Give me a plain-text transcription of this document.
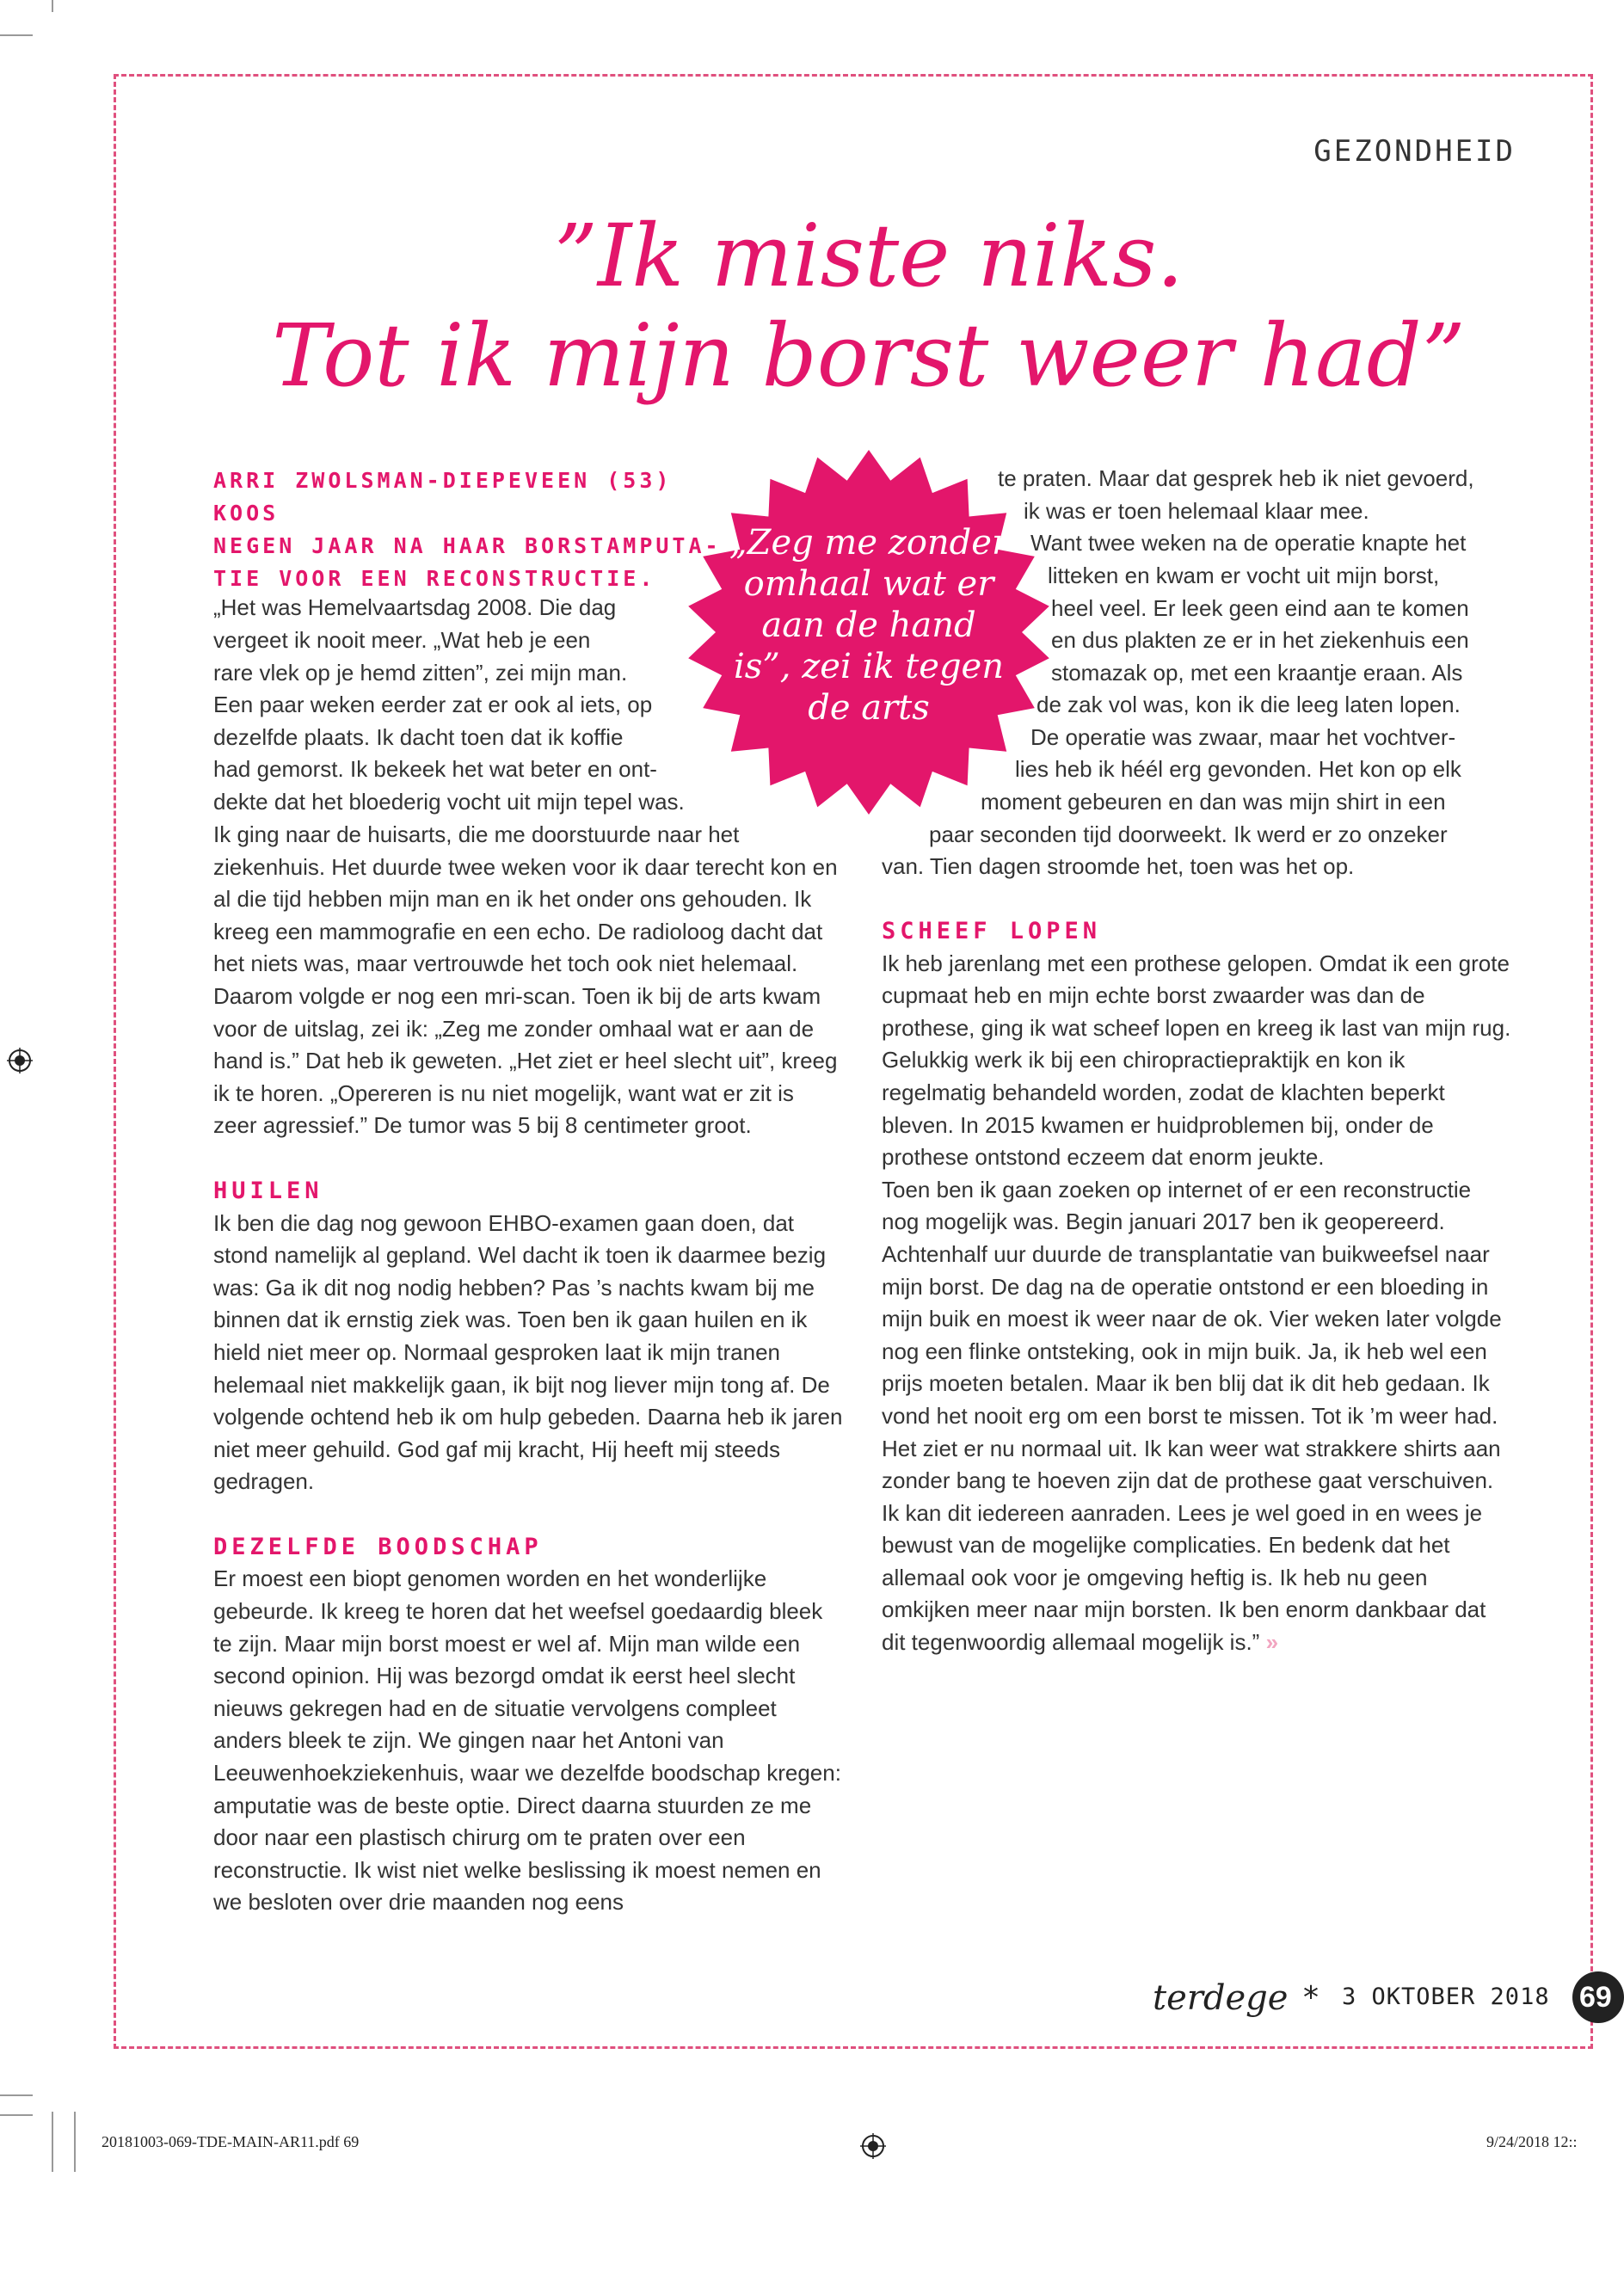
GEZONDHEID
”Ik miste niks.
Tot ik mijn borst weer had”
ARRI ZWOLSMAN-DIEPEVEEN (53) KOOS
NEGEN JAAR NA HAAR BORSTAMPUTA-
TIE VOOR EEN RECONSTRUCTIE.
„Zeg me zonder
omhaal wat er
aan de hand
is”, zei ik tegen
de arts
„Het was Hemelvaartsdag 2008. Die dag
vergeet ik nooit meer. „Wat heb je een
rare vlek op je hemd zitten”, zei mijn man.
Een paar weken eerder zat er ook al iets, op
dezelfde plaats. Ik dacht toen dat ik koffie
had gemorst. Ik bekeek het wat beter en ont-
dekte dat het bloederig vocht uit mijn tepel was.

Ik ging naar de huisarts, die me doorstuurde naar het ziekenhuis. Het duurde twee weken voor ik daar terecht kon en al die tijd hebben mijn man en ik het onder ons gehouden. Ik kreeg een mammografie en een echo. De radioloog dacht dat het niets was, maar vertrouwde het toch ook niet helemaal. Daarom volgde er nog een mri-scan. Toen ik bij de arts kwam voor de uitslag, zei ik: „Zeg me zonder omhaal wat er aan de hand is.” Dat heb ik geweten. „Het ziet er heel slecht uit”, kreeg ik te horen. „Opereren is nu niet mogelijk, want wat er zit is zeer agressief.” De tumor was 5 bij 8 centimeter groot.

HUILEN

Ik ben die dag nog gewoon EHBO-examen gaan doen, dat stond namelijk al gepland. Wel dacht ik toen ik daarmee bezig was: Ga ik dit nog nodig hebben? Pas ’s nachts kwam bij me binnen dat ik ernstig ziek was. Toen ben ik gaan huilen en ik hield niet meer op. Normaal gesproken laat ik mijn tranen helemaal niet makkelijk gaan, ik bijt nog liever mijn tong af. De volgende ochtend heb ik om hulp gebeden. Daarna heb ik jaren niet meer gehuild. God gaf mij kracht, Hij heeft mij steeds gedragen.

DEZELFDE BOODSCHAP

Er moest een biopt genomen worden en het wonderlijke gebeurde. Ik kreeg te horen dat het weefsel goedaardig bleek te zijn. Maar mijn borst moest er wel af. Mijn man wilde een second opinion. Hij was bezorgd omdat ik eerst heel slecht nieuws gekregen had en de situatie vervolgens compleet anders bleek te zijn. We gingen naar het Antoni van Leeuwenhoekziekenhuis, waar we dezelfde boodschap kregen: amputatie was de beste optie. Direct daarna stuurden ze me door naar een plastisch chirurg om te praten over een reconstructie. Ik wist niet welke beslissing ik moest nemen en we besloten over drie maanden nog eens

te praten. Maar dat gesprek heb ik niet gevoerd,
ik was er toen helemaal klaar mee.
Want twee weken na de operatie knapte het
litteken en kwam er vocht uit mijn borst,
heel veel. Er leek geen eind aan te komen
en dus plakten ze er in het ziekenhuis een
stomazak op, met een kraantje eraan. Als
de zak vol was, kon ik die leeg laten lopen.
De operatie was zwaar, maar het vochtver-
lies heb ik héél erg gevonden. Het kon op elk
moment gebeuren en dan was mijn shirt in een
paar seconden tijd doorweekt. Ik werd er zo onzeker
van. Tien dagen stroomde het, toen was het op.
SCHEEF LOPEN

Ik heb jarenlang met een prothese gelopen. Omdat ik een grote cupmaat heb en mijn echte borst zwaarder was dan de prothese, ging ik wat scheef lopen en kreeg ik last van mijn rug. Gelukkig werk ik bij een chiropractiepraktijk en kon ik regelmatig behandeld worden, zodat de klachten beperkt bleven. In 2015 kwamen er huidproblemen bij, onder de prothese ontstond eczeem dat enorm jeukte.

Toen ben ik gaan zoeken op internet of er een reconstructie nog mogelijk was. Begin januari 2017 ben ik geopereerd. Achtenhalf uur duurde de transplantatie van buikweefsel naar mijn borst. De dag na de operatie ontstond er een bloeding in mijn buik en moest ik weer naar de ok. Vier weken later volgde nog een flinke ontsteking, ook in mijn buik. Ja, ik heb wel een prijs moeten betalen. Maar ik ben blij dat ik dit heb gedaan. Ik vond het nooit erg om een borst te missen. Tot ik ’m weer had. Het ziet er nu normaal uit. Ik kan weer wat strakkere shirts aan zonder bang te hoeven zijn dat de prothese gaat verschuiven. Ik kan dit iedereen aanraden. Lees je wel goed in en wees je bewust van de mogelijke complicaties. En bedenk dat het allemaal ook voor je omgeving heftig is. Ik heb nu geen omkijken meer naar mijn borsten. Ik ben enorm dankbaar dat dit tegenwoordig allemaal mogelijk is.” »

terdege * 3 OKTOBER 2018 69
20181003-069-TDE-MAIN-AR11.pdf 69	9/24/2018 12::
